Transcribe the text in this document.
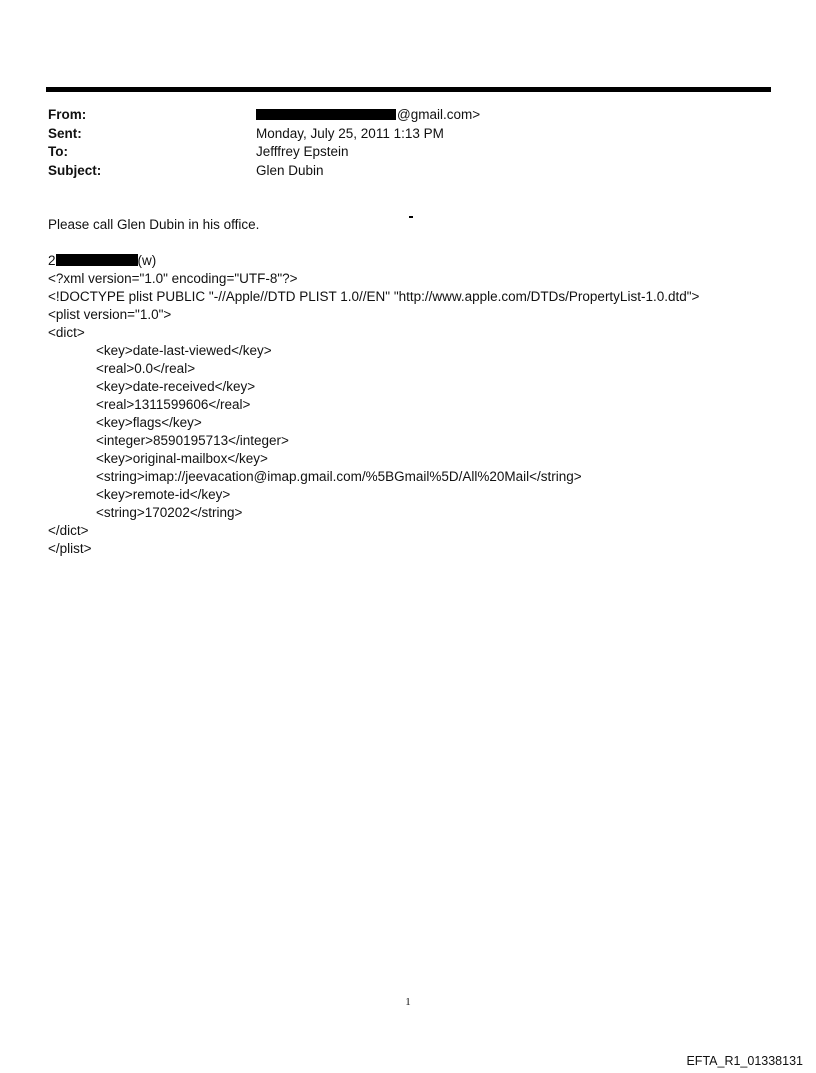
From:	@gmail.com>
Sent:	Monday, July 25, 2011 1:13 PM
To:	Jefffrey Epstein
Subject:	Glen Dubin
Please call Glen Dubin in his office.
2	(w)
<?xml version="1.0" encoding="UTF-8"?>
<!DOCTYPE plist PUBLIC "-//Apple//DTD PLIST 1.0//EN" "http://www.apple.com/DTDs/PropertyList-1.0.dtd">
<plist version="1.0">
<dict>
<key>date-last-viewed</key>
<real>0.0</real>
<key>date-received</key>
<real>1311599606</real>
<key>flags</key>
<integer>8590195713</integer>
<key>original-mailbox</key>
<string>imap://jeevacation@imap.gmail.com/%5BGmail%5D/All%20Mail</string>
<key>remote-id</key>
<string>170202</string>
</dict>
</plist>
1
EFTA_R1_01338131
